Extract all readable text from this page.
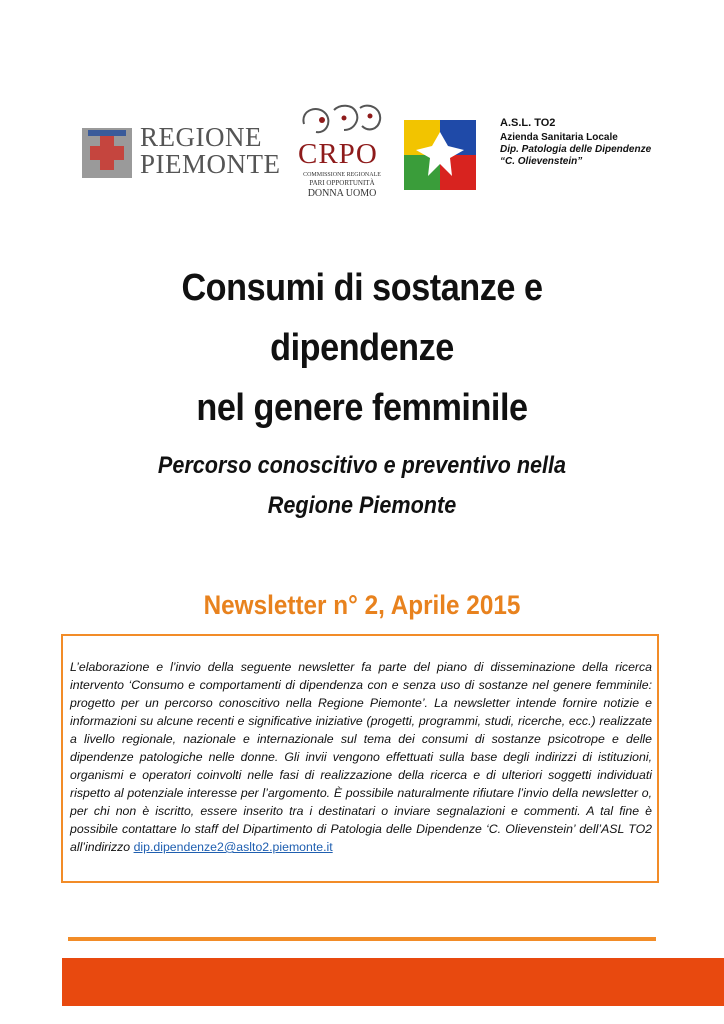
REGIONE
PIEMONTE CRPO
COMMISSIONE REGIONALE
PARI OPPORTUNITÀ
DONNA UOMO
A.S.L. TO2
Azienda Sanitaria Locale
Dip. Patologia delle Dipendenze
“C. Olievenstein”
Consumi di sostanze e
dipendenze
nel genere femminile
Percorso conoscitivo e preventivo nella
Regione Piemonte
Newsletter n° 2, Aprile 2015
L’elaborazione e l’invio della seguente newsletter fa parte del piano di disseminazione della ricerca intervento ‘Consumo e comportamenti di dipendenza con e senza uso di sostanze nel genere femminile: progetto per un percorso conoscitivo nella Regione Piemonte’. La newsletter intende fornire notizie e informazioni su alcune recenti e significative iniziative (progetti, programmi, studi, ricerche, ecc.) realizzate a livello regionale, nazionale e internazionale sul tema dei consumi di sostanze psicotrope e delle dipendenze patologiche nelle donne. Gli invii vengono effettuati sulla base degli indirizzi di istituzioni, organismi e operatori coinvolti nelle fasi di realizzazione della ricerca e di ulteriori soggetti individuati rispetto al potenziale interesse per l’argomento. È possibile naturalmente rifiutare l’invio della newsletter o, per chi non è iscritto, essere inserito tra i destinatari o inviare segnalazioni e commenti. A tal fine è possibile contattare lo staff del Dipartimento di Patologia delle Dipendenze ‘C. Olievenstein’ dell’ASL TO2 all’indirizzo dip.dipendenze2@aslto2.piemonte.it
